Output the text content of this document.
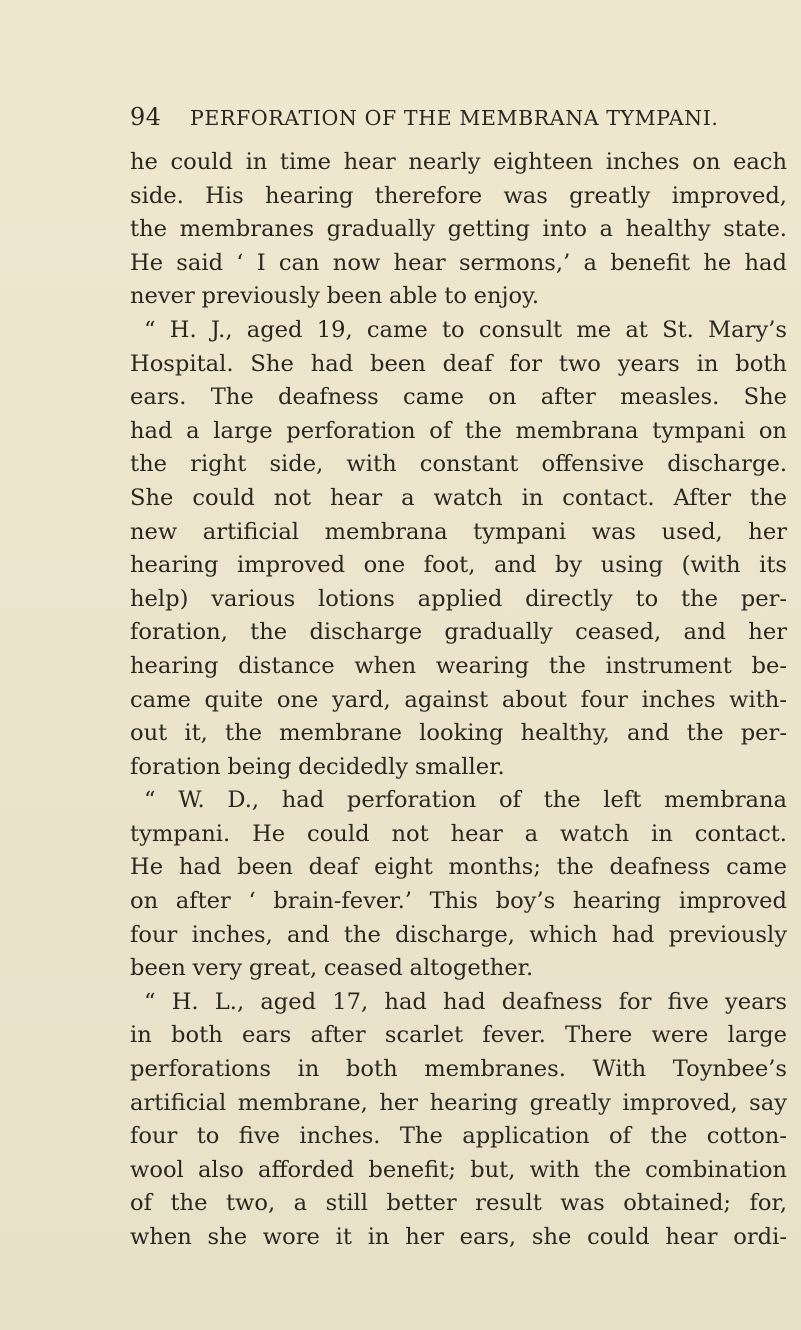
94 PERFORATION OF THE MEMBRANA TYMPANI.
he could in time hear nearly eighteen inches on each
side. His hearing therefore was greatly improved,
the membranes gradually getting into a healthy state.
He said ‘ I can now hear sermons,’ a benefit he had
never previously been able to enjoy.
“ H. J., aged 19, came to consult me at St. Mary’s
Hospital. She had been deaf for two years in both
ears. The deafness came on after measles. She
had a large perforation of the membrana tympani on
the right side, with constant offensive discharge.
She could not hear a watch in contact. After the
new artificial membrana tympani was used, her
hearing improved one foot, and by using (with its
help) various lotions applied directly to the per-
foration, the discharge gradually ceased, and her
hearing distance when wearing the instrument be-
came quite one yard, against about four inches with-
out it, the membrane looking healthy, and the per-
foration being decidedly smaller.
“ W. D., had perforation of the left membrana
tympani. He could not hear a watch in contact.
He had been deaf eight months; the deafness came
on after ‘ brain-fever.’ This boy’s hearing improved
four inches, and the discharge, which had previously
been very great, ceased altogether.
“ H. L., aged 17, had had deafness for five years
in both ears after scarlet fever. There were large
perforations in both membranes. With Toynbee’s
artificial membrane, her hearing greatly improved, say
four to five inches. The application of the cotton-
wool also afforded benefit; but, with the combination
of the two, a still better result was obtained; for,
when she wore it in her ears, she could hear ordi-
